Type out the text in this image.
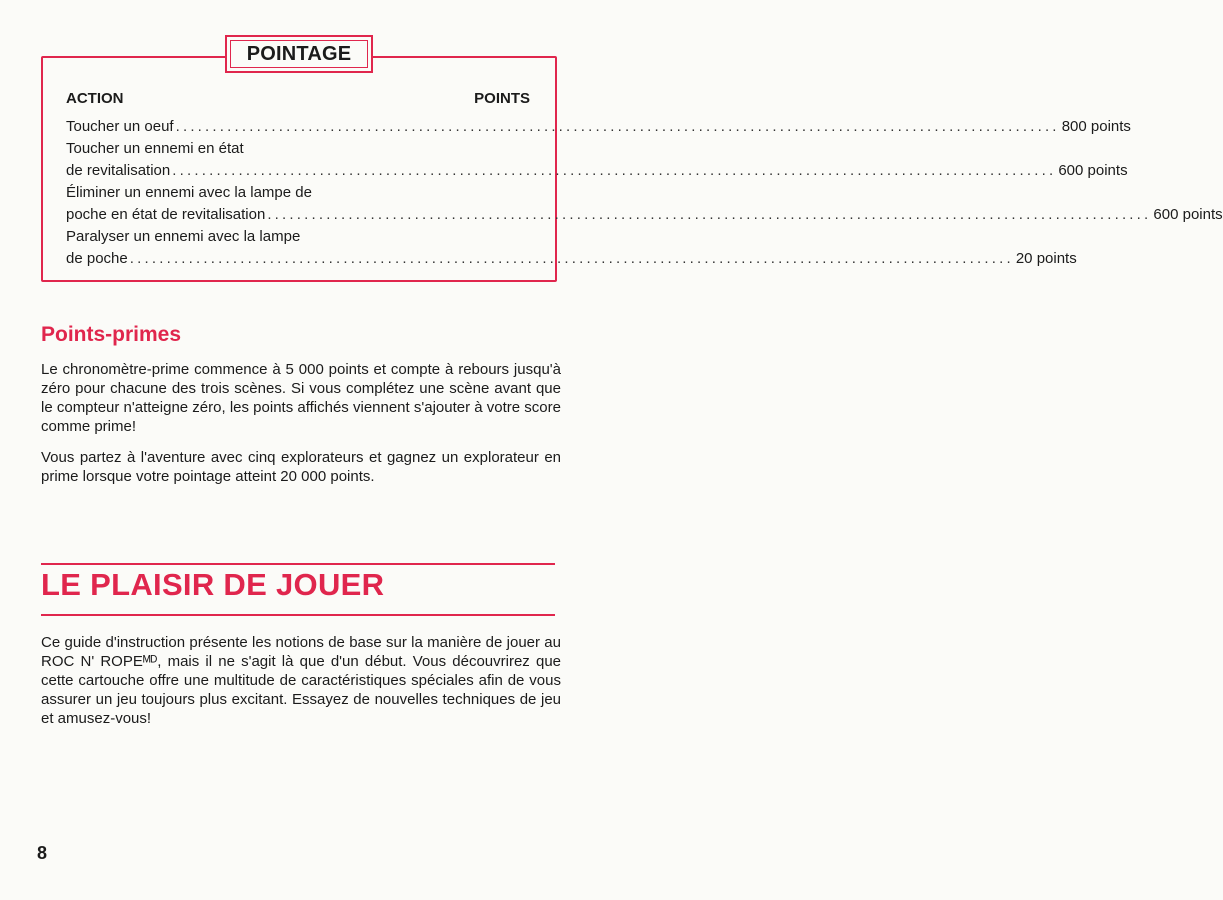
POINTAGE
ACTION	POINTS
Toucher un oeuf ........................................................................................................................ 800 points
Toucher un ennemi en état
de revitalisation ........................................................................................................................ 600 points
Éliminer un ennemi avec la lampe de
poche en état de revitalisation ........................................................................................................................ 600 points
Paralyser un ennemi avec la lampe
de poche ........................................................................................................................ 20 points
Points-primes
Le chronomètre-prime commence à 5 000 points et compte à rebours jusqu'à zéro pour chacune des trois scènes. Si vous complétez une scène avant que le compteur n'atteigne zéro, les points affichés viennent s'ajouter à votre score comme prime!
Vous partez à l'aventure avec cinq explorateurs et gagnez un explorateur en prime lorsque votre pointage atteint 20 000 points.
LE PLAISIR DE JOUER
Ce guide d'instruction présente les notions de base sur la manière de jouer au ROC N' ROPEᴹᴰ, mais il ne s'agit là que d'un début. Vous découvrirez que cette cartouche offre une multitude de caractéristiques spéciales afin de vous assurer un jeu toujours plus excitant. Essayez de nouvelles techniques de jeu et amusez-vous!
8
